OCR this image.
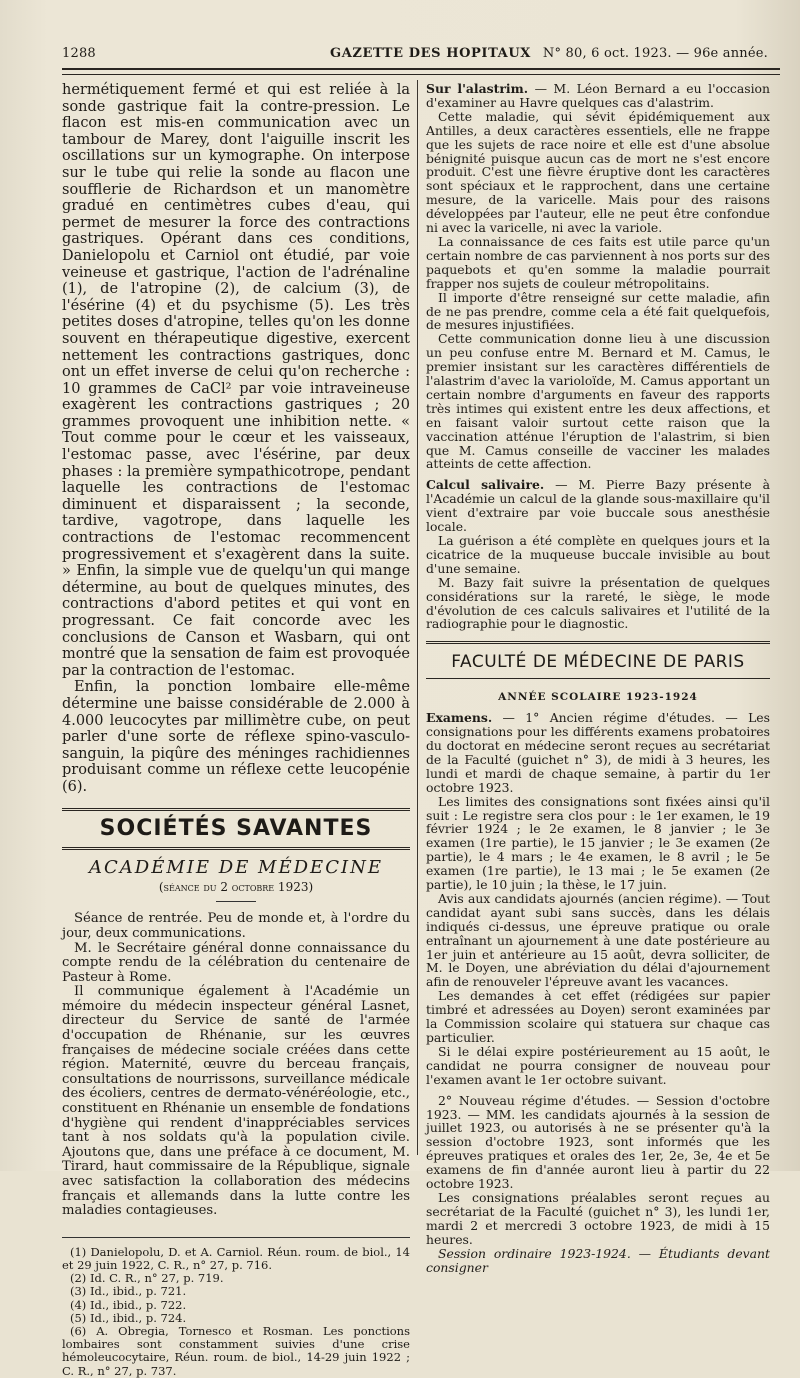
1288	GAZETTE DES HOPITAUX N° 80, 6 oct. 1923. — 96e année.

hermétiquement fermé et qui est reliée à la sonde gastrique fait la contre-pression. Le flacon est mis-en communication avec un tambour de Marey, dont l'aiguille inscrit les oscillations sur un kymographe. On interpose sur le tube qui relie la sonde au flacon une soufflerie de Richardson et un manomètre gradué en centimètres cubes d'eau, qui permet de mesurer la force des contractions gastriques. Opérant dans ces conditions, Danielopolu et Carniol ont étudié, par voie veineuse et gastrique, l'action de l'adrénaline (1), de l'atropine (2), de calcium (3), de l'ésérine (4) et du psychisme (5). Les très petites doses d'atropine, telles qu'on les donne souvent en thérapeutique digestive, exercent nettement les contractions gastriques, donc ont un effet inverse de celui qu'on recherche : 10 grammes de CaCl² par voie intraveineuse exagèrent les contractions gastriques ; 20 grammes provoquent une inhibition nette. « Tout comme pour le cœur et les vaisseaux, l'estomac passe, avec l'ésérine, par deux phases : la première sympathicotrope, pendant laquelle les contractions de l'estomac diminuent et disparaissent ; la seconde, tardive, vagotrope, dans laquelle les contractions de l'estomac recommencent progressivement et s'exagèrent dans la suite. » Enfin, la simple vue de quelqu'un qui mange détermine, au bout de quelques minutes, des contractions d'abord petites et qui vont en progressant. Ce fait concorde avec les conclusions de Canson et Wasbarn, qui ont montré que la sensation de faim est provoquée par la contraction de l'estomac.

Enfin, la ponction lombaire elle-même détermine une baisse considérable de 2.000 à 4.000 leucocytes par millimètre cube, on peut parler d'une sorte de réflexe spino-vasculo-sanguin, la piqûre des méninges rachidiennes produisant comme un réflexe cette leucopénie (6).

SOCIÉTÉS SAVANTES
ACADÉMIE DE MÉDECINE
(séance du 2 octobre 1923)

Séance de rentrée. Peu de monde et, à l'ordre du jour, deux communications.

M. le Secrétaire général donne connaissance du compte rendu de la célébration du centenaire de Pasteur à Rome.

Il communique également à l'Académie un mémoire du médecin inspecteur général Lasnet, directeur du Service de santé de l'armée d'occupation de Rhénanie, sur les œuvres françaises de médecine sociale créées dans cette région. Maternité, œuvre du berceau français, consultations de nourrissons, surveillance médicale des écoliers, centres de dermato-vénéréologie, etc., constituent en Rhénanie un ensemble de fondations d'hygiène qui rendent d'inappréciables services tant à nos soldats qu'à la population civile. Ajoutons que, dans une préface à ce document, M. Tirard, haut commissaire de la République, signale avec satisfaction la collaboration des médecins français et allemands dans la lutte contre les maladies contagieuses.

(1) Danielopolu, D. et A. Carniol. Réun. roum. de biol., 14 et 29 juin 1922, C. R., n° 27, p. 716.
(2) Id. C. R., n° 27, p. 719.
(3) Id., ibid., p. 721.
(4) Id., ibid., p. 722.
(5) Id., ibid., p. 724.
(6) A. Obregia, Tornesco et Rosman. Les ponctions lombaires sont constamment suivies d'une crise hémoleucocytaire, Réun. roum. de biol., 14-29 juin 1922 ; C. R., n° 27, p. 737.

Sur l'alastrim. — M. Léon Bernard a eu l'occasion d'examiner au Havre quelques cas d'alastrim.

Cette maladie, qui sévit épidémiquement aux Antilles, a deux caractères essentiels, elle ne frappe que les sujets de race noire et elle est d'une absolue bénignité puisque aucun cas de mort ne s'est encore produit. C'est une fièvre éruptive dont les caractères sont spéciaux et le rapprochent, dans une certaine mesure, de la varicelle. Mais pour des raisons développées par l'auteur, elle ne peut être confondue ni avec la varicelle, ni avec la variole.

La connaissance de ces faits est utile parce qu'un certain nombre de cas parviennent à nos ports sur des paquebots et qu'en somme la maladie pourrait frapper nos sujets de couleur métropolitains.

Il importe d'être renseigné sur cette maladie, afin de ne pas prendre, comme cela a été fait quelquefois, de mesures injustifiées.

Cette communication donne lieu à une discussion un peu confuse entre M. Bernard et M. Camus, le premier insistant sur les caractères différentiels de l'alastrim d'avec la varioloïde, M. Camus apportant un certain nombre d'arguments en faveur des rapports très intimes qui existent entre les deux affections, et en faisant valoir surtout cette raison que la vaccination atténue l'éruption de l'alastrim, si bien que M. Camus conseille de vacciner les malades atteints de cette affection.

Calcul salivaire. — M. Pierre Bazy présente à l'Académie un calcul de la glande sous-maxillaire qu'il vient d'extraire par voie buccale sous anesthésie locale.

La guérison a été complète en quelques jours et la cicatrice de la muqueuse buccale invisible au bout d'une semaine.

M. Bazy fait suivre la présentation de quelques considérations sur la rareté, le siège, le mode d'évolution de ces calculs salivaires et l'utilité de la radiographie pour le diagnostic.

FACULTÉ DE MÉDECINE DE PARIS
ANNÉE SCOLAIRE 1923-1924

Examens. — 1° Ancien régime d'études. — Les consignations pour les différents examens probatoires du doctorat en médecine seront reçues au secrétariat de la Faculté (guichet n° 3), de midi à 3 heures, les lundi et mardi de chaque semaine, à partir du 1er octobre 1923.

Les limites des consignations sont fixées ainsi qu'il suit : Le registre sera clos pour : le 1er examen, le 19 février 1924 ; le 2e examen, le 8 janvier ; le 3e examen (1re partie), le 15 janvier ; le 3e examen (2e partie), le 4 mars ; le 4e examen, le 8 avril ; le 5e examen (1re partie), le 13 mai ; le 5e examen (2e partie), le 10 juin ; la thèse, le 17 juin.

Avis aux candidats ajournés (ancien régime). — Tout candidat ayant subi sans succès, dans les délais indiqués ci-dessus, une épreuve pratique ou orale entraînant un ajournement à une date postérieure au 1er juin et antérieure au 15 août, devra solliciter, de M. le Doyen, une abréviation du délai d'ajournement afin de renouveler l'épreuve avant les vacances.

Les demandes à cet effet (rédigées sur papier timbré et adressées au Doyen) seront examinées par la Commission scolaire qui statuera sur chaque cas particulier.

Si le délai expire postérieurement au 15 août, le candidat ne pourra consigner de nouveau pour l'examen avant le 1er octobre suivant.

2° Nouveau régime d'études. — Session d'octobre 1923. — MM. les candidats ajournés à la session de juillet 1923, ou autorisés à ne se présenter qu'à la session d'octobre 1923, sont informés que les épreuves pratiques et orales des 1er, 2e, 3e, 4e et 5e examens de fin d'année auront lieu à partir du 22 octobre 1923.

Les consignations préalables seront reçues au secrétariat de la Faculté (guichet n° 3), les lundi 1er, mardi 2 et mercredi 3 octobre 1923, de midi à 15 heures.

Session ordinaire 1923-1924. — Étudiants devant consigner
